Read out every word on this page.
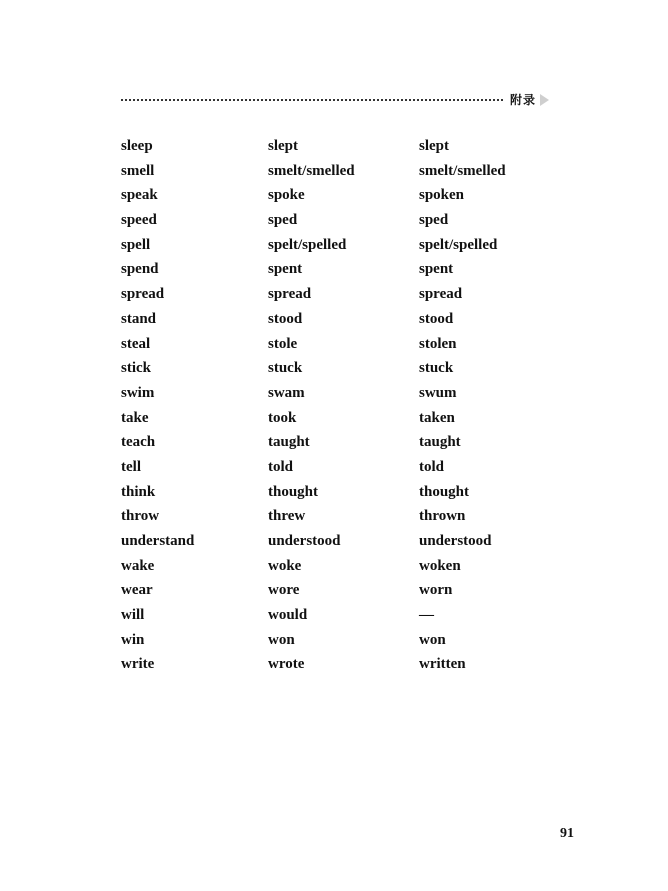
附录
sleep	slept	slept
smell	smelt/smelled	smelt/smelled
speak	spoke	spoken
speed	sped	sped
spell	spelt/spelled	spelt/spelled
spend	spent	spent
spread	spread	spread
stand	stood	stood
steal	stole	stolen
stick	stuck	stuck
swim	swam	swum
take	took	taken
teach	taught	taught
tell	told	told
think	thought	thought
throw	threw	thrown
understand	understood	understood
wake	woke	woken
wear	wore	worn
will	would	—
win	won	won
write	wrote	written
91
